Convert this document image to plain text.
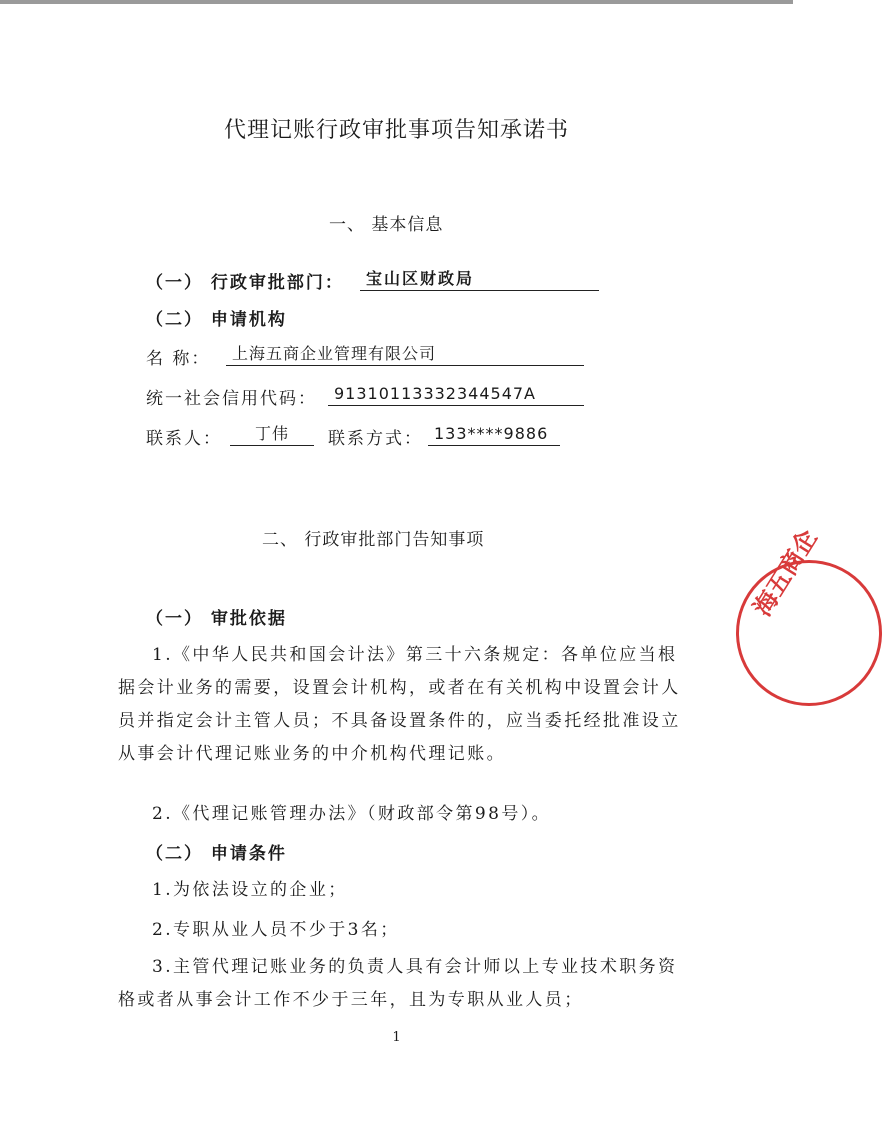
代理记账行政审批事项告知承诺书
一、 基本信息
（一） 行政审批部门：	宝山区财政局
（二） 申请机构
名 称：	上海五商企业管理有限公司
统一社会信用代码：	91310113332344547A
联系人：	丁伟	联系方式： 133****9886
二、 行政审批部门告知事项
（一） 审批依据
1.《中华人民共和国会计法》第三十六条规定：各单位应当根据会计业务的需要，设置会计机构，或者在有关机构中设置会计人员并指定会计主管人员；不具备设置条件的，应当委托经批准设立从事会计代理记账业务的中介机构代理记账。
2.《代理记账管理办法》（财政部令第98号）。
（二） 申请条件
1.为依法设立的企业；
2.专职从业人员不少于3名；
3.主管代理记账业务的负责人具有会计师以上专业技术职务资格或者从事会计工作不少于三年，且为专职从业人员；
海五商企
1
